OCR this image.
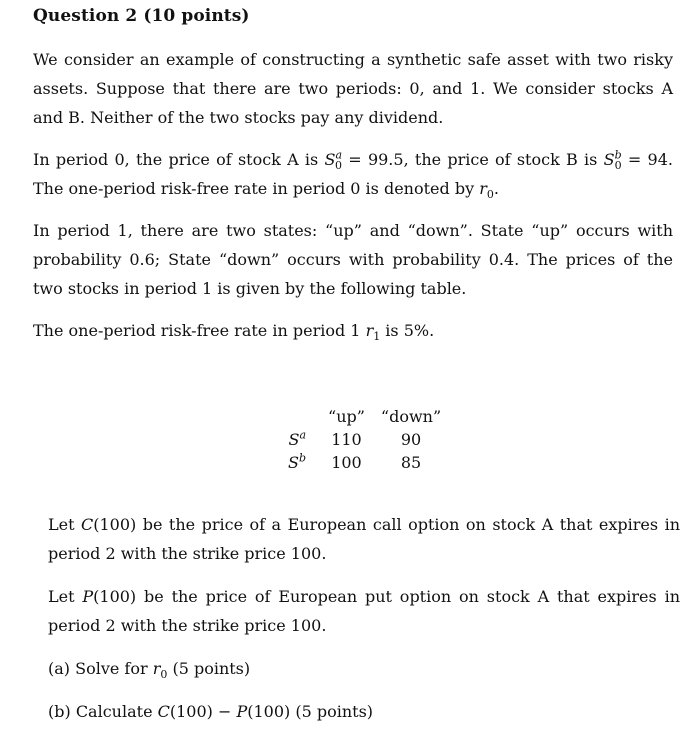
Question 2 (10 points)
We consider an example of constructing a synthetic safe asset with two risky
assets. Suppose that there are two periods: 0, and 1. We consider stocks A
and B. Neither of the two stocks pay any dividend.
In period 0, the price of stock A is $S^a_0 = 99.5$, the price of stock B is $S^b_0 = 94$.
The one-period risk-free rate in period 0 is denoted by $r_0$.
In period 1, there are two states: “up” and “down”. State “up” occurs with
probability 0.6; State “down” occurs with probability 0.4. The prices of the
two stocks in period 1 is given by the following table.
The one-period risk-free rate in period 1 $r_1$ is 5%.
	“up”	“down”
$S^a$	110	90
$S^b$	100	85
Let C(100) be the price of a European call option on stock A that expires in
period 2 with the strike price 100.
Let P(100) be the price of European put option on stock A that expires in
period 2 with the strike price 100.
(a) Solve for $r_0$ (5 points)
(b) Calculate C(100) − P(100) (5 points)
